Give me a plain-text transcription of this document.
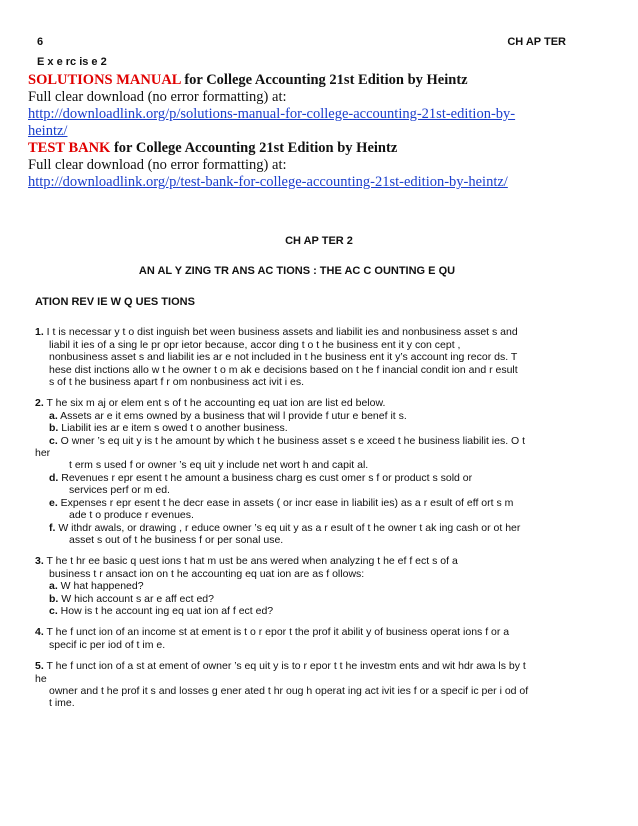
6	CH AP TER
E x e rc is e 2
SOLUTIONS MANUAL for College Accounting 21st Edition by Heintz
Full clear download (no error formatting) at:
http://downloadlink.org/p/solutions-manual-for-college-accounting-21st-edition-by-
heintz/
TEST BANK for College Accounting 21st Edition by Heintz
Full clear download (no error formatting) at:
http://downloadlink.org/p/test-bank-for-college-accounting-21st-edition-by-heintz/
CH AP TER 2
AN AL Y ZING TR ANS AC TIONS : THE AC C OUNTING E QU
ATION REV IE W Q UES TIONS
1. I t is necessar y t o dist inguish bet ween business assets and liabilit ies and nonbusiness asset s and
liabil it ies of a sing le pr opr ietor because, accor ding t o t he business ent it y con cept ,
nonbusiness asset s and liabilit ies ar e not included in t he business ent it y’s account ing recor ds. T
hese dist inctions allo w t he owner t o m ak e decisions based on t he f inancial condit ion and r esult
s of t he business apart f r om nonbusiness act ivit i es.
2. T he six m aj or elem ent s of t he accounting eq uat ion are list ed below.
a. Assets ar e it ems owned by a business that wil l provide f utur e benef it s.
b. Liabilit ies ar e item s owed t o another business.
c. O wner ’s eq uit y is t he amount by which t he business asset s e xceed t he business liabilit ies. O t
her
t erm s used f or owner ’s eq uit y include net wort h and capit al.
d. Revenues r epr esent t he amount a business charg es cust omer s f or product s sold or
services perf or m ed.
e. Expenses r epr esent t he decr ease in assets ( or incr ease in liabilit ies) as a r esult of eff ort s m
ade t o produce r evenues.
f. W ithdr awals, or drawing , r educe owner ’s eq uit y as a r esult of t he owner t ak ing cash or ot her
asset s out of t he business f or per sonal use.
3. T he t hr ee basic q uest ions t hat m ust be ans wered when analyzing t he ef f ect s of a
business t r ansact ion on t he accounting eq uat ion are as f ollows:
a. W hat happened?
b. W hich account s ar e aff ect ed?
c. How is t he account ing eq uat ion af f ect ed?
4. T he f unct ion of an income st at ement is t o r epor t the prof it abilit y of business operat ions f or a
specif ic per iod of t im e.
5. T he f unct ion of a st at ement of owner ’s eq uit y is to r epor t t he investm ents and wit hdr awa ls by t
he
owner and t he prof it s and losses g ener ated t hr oug h operat ing act ivit ies f or a specif ic per i od of
t ime.
